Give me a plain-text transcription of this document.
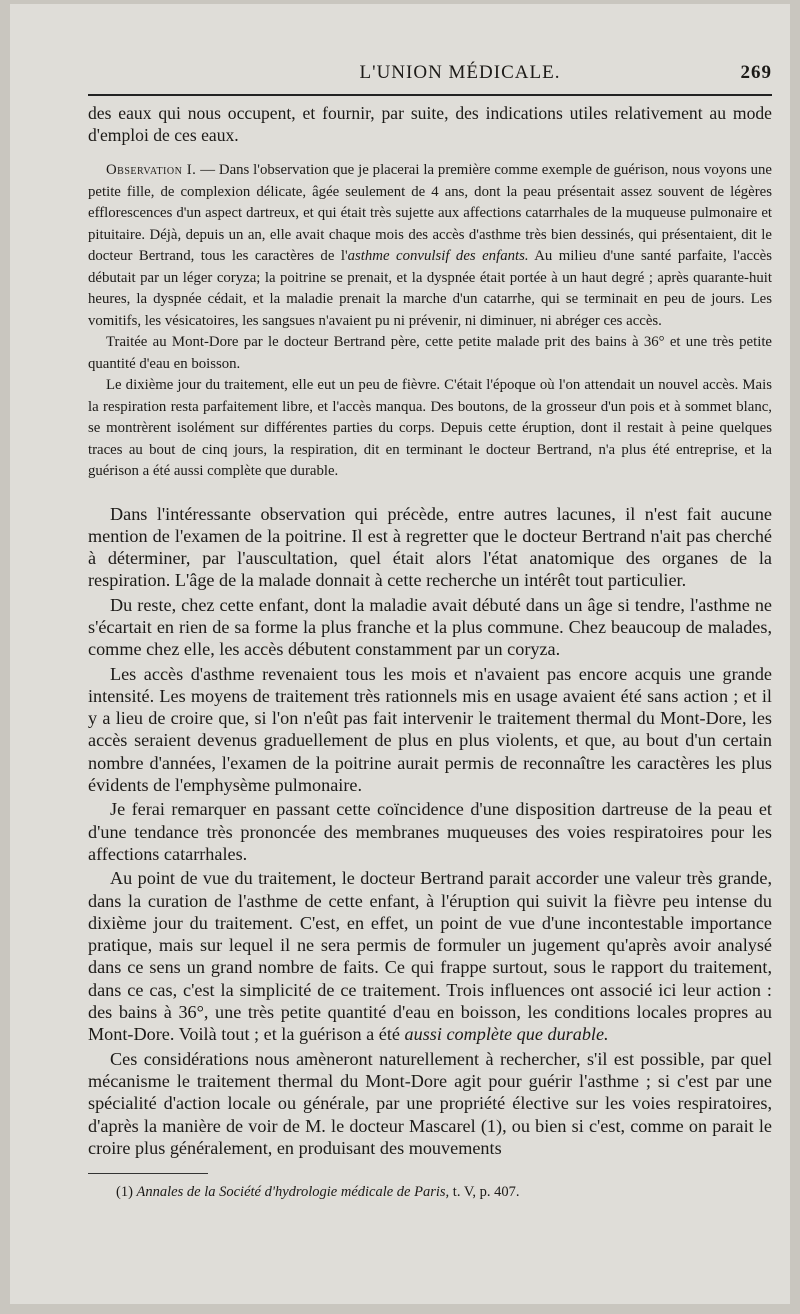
L'UNION MÉDICALE.	269

des eaux qui nous occupent, et fournir, par suite, des indications utiles relativement au mode d'emploi de ces eaux.

Observation I. — Dans l'observation que je placerai la première comme exemple de guérison, nous voyons une petite fille, de complexion délicate, âgée seulement de 4 ans, dont la peau présentait assez souvent de légères efflorescences d'un aspect dartreux, et qui était très sujette aux affections catarrhales de la muqueuse pulmonaire et pituitaire. Déjà, depuis un an, elle avait chaque mois des accès d'asthme très bien dessinés, qui présentaient, dit le docteur Bertrand, tous les caractères de l'asthme convulsif des enfants. Au milieu d'une santé parfaite, l'accès débutait par un léger coryza; la poitrine se prenait, et la dyspnée était portée à un haut degré ; après quarante-huit heures, la dyspnée cédait, et la maladie prenait la marche d'un catarrhe, qui se terminait en peu de jours. Les vomitifs, les vésicatoires, les sangsues n'avaient pu ni prévenir, ni diminuer, ni abréger ces accès.

Traitée au Mont-Dore par le docteur Bertrand père, cette petite malade prit des bains à 36° et une très petite quantité d'eau en boisson.

Le dixième jour du traitement, elle eut un peu de fièvre. C'était l'époque où l'on attendait un nouvel accès. Mais la respiration resta parfaitement libre, et l'accès manqua. Des boutons, de la grosseur d'un pois et à sommet blanc, se montrèrent isolément sur différentes parties du corps. Depuis cette éruption, dont il restait à peine quelques traces au bout de cinq jours, la respiration, dit en terminant le docteur Bertrand, n'a plus été entreprise, et la guérison a été aussi complète que durable.

Dans l'intéressante observation qui précède, entre autres lacunes, il n'est fait aucune mention de l'examen de la poitrine. Il est à regretter que le docteur Bertrand n'ait pas cherché à déterminer, par l'auscultation, quel était alors l'état anatomique des organes de la respiration. L'âge de la malade donnait à cette recherche un intérêt tout particulier.

Du reste, chez cette enfant, dont la maladie avait débuté dans un âge si tendre, l'asthme ne s'écartait en rien de sa forme la plus franche et la plus commune. Chez beaucoup de malades, comme chez elle, les accès débutent constamment par un coryza.

Les accès d'asthme revenaient tous les mois et n'avaient pas encore acquis une grande intensité. Les moyens de traitement très rationnels mis en usage avaient été sans action ; et il y a lieu de croire que, si l'on n'eût pas fait intervenir le traitement thermal du Mont-Dore, les accès seraient devenus graduellement de plus en plus violents, et que, au bout d'un certain nombre d'années, l'examen de la poitrine aurait permis de reconnaître les caractères les plus évidents de l'emphysème pulmonaire.

Je ferai remarquer en passant cette coïncidence d'une disposition dartreuse de la peau et d'une tendance très prononcée des membranes muqueuses des voies respiratoires pour les affections catarrhales.

Au point de vue du traitement, le docteur Bertrand parait accorder une valeur très grande, dans la curation de l'asthme de cette enfant, à l'éruption qui suivit la fièvre peu intense du dixième jour du traitement. C'est, en effet, un point de vue d'une incontestable importance pratique, mais sur lequel il ne sera permis de formuler un jugement qu'après avoir analysé dans ce sens un grand nombre de faits. Ce qui frappe surtout, sous le rapport du traitement, dans ce cas, c'est la simplicité de ce traitement. Trois influences ont associé ici leur action : des bains à 36°, une très petite quantité d'eau en boisson, les conditions locales propres au Mont-Dore. Voilà tout ; et la guérison a été aussi complète que durable.

Ces considérations nous amèneront naturellement à rechercher, s'il est possible, par quel mécanisme le traitement thermal du Mont-Dore agit pour guérir l'asthme ; si c'est par une spécialité d'action locale ou générale, par une propriété élective sur les voies respiratoires, d'après la manière de voir de M. le docteur Mascarel (1), ou bien si c'est, comme on parait le croire plus généralement, en produisant des mouvements

(1) Annales de la Société d'hydrologie médicale de Paris, t. V, p. 407.
